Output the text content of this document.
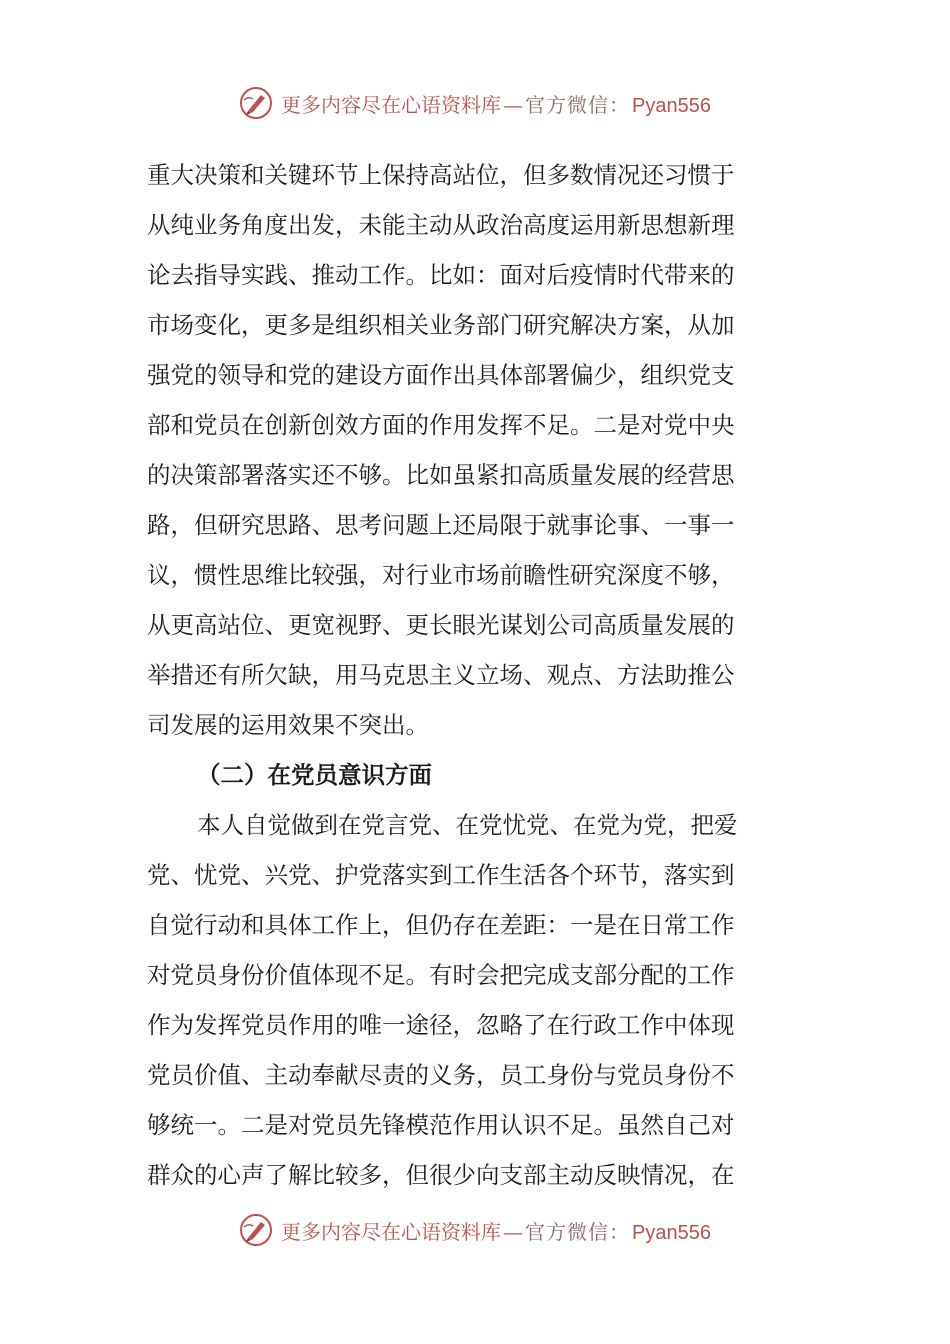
更多内容尽在心语资料库 — 官方微信： Pyan556
重大决策和关键环节上保持高站位，但多数情况还习惯于
从纯业务角度出发，未能主动从政治高度运用新思想新理
论去指导实践、推动工作。比如：面对后疫情时代带来的
市场变化，更多是组织相关业务部门研究解决方案，从加
强党的领导和党的建设方面作出具体部署偏少，组织党支
部和党员在创新创效方面的作用发挥不足。二是对党中央
的决策部署落实还不够。比如虽紧扣高质量发展的经营思
路，但研究思路、思考问题上还局限于就事论事、一事一
议，惯性思维比较强，对行业市场前瞻性研究深度不够，
从更高站位、更宽视野、更长眼光谋划公司高质量发展的
举措还有所欠缺，用马克思主义立场、观点、方法助推公
司发展的运用效果不突出。
（二）在党员意识方面
本人自觉做到在党言党、在党忧党、在党为党，把爱
党、忧党、兴党、护党落实到工作生活各个环节，落实到
自觉行动和具体工作上，但仍存在差距：一是在日常工作
对党员身份价值体现不足。有时会把完成支部分配的工作
作为发挥党员作用的唯一途径，忽略了在行政工作中体现
党员价值、主动奉献尽责的义务，员工身份与党员身份不
够统一。二是对党员先锋模范作用认识不足。虽然自己对
群众的心声了解比较多，但很少向支部主动反映情况，在
更多内容尽在心语资料库 — 官方微信： Pyan556
